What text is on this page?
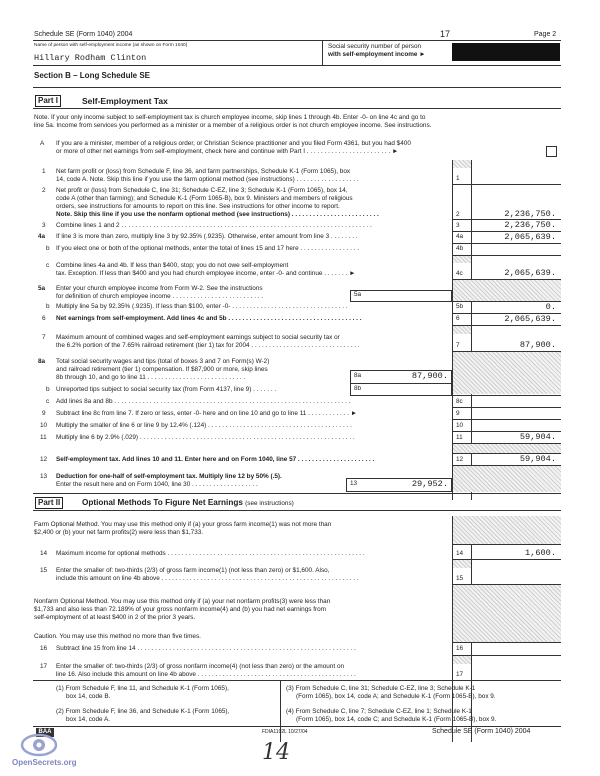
Schedule SE (Form 1040) 2004	17	Page 2
Name of person with self-employment income (as shown on Form 1040)
Hillary Rodham Clinton
Social security number of person
with self-employment income ►
Section B – Long Schedule SE
Part I	Self-Employment Tax
Note. If your only income subject to self-employment tax is church employee income, skip lines 1 through 4b. Enter -0- on line 4c and go to
line 5a. Income from services you performed as a minister or a member of a religious order is not church employee income. See instructions.
A If you are a minister, member of a religious order, or Christian Science practitioner and you filed Form 4361, but you had $400
or more of other net earnings from self-employment, check here and continue with Part I . . . . . . . . . . . . . . . . . . . . . . . . ►
1 Net farm profit or (loss) from Schedule F, line 36, and farm partnerships, Schedule K-1 (Form 1065), box
14, code A. Note. Skip this line if you use the farm optional method (see instructions) . . . . . . . . . . . . . . . . . .	1
2 Net profit or (loss) from Schedule C, line 31; Schedule C-EZ, line 3; Schedule K-1 (Form 1065), box 14,
code A (other than farming); and Schedule K-1 (Form 1065-B), box 9. Ministers and members of religious
orders, see instructions for amounts to report on this line. See instructions for other income to report.
Note. Skip this line if you use the nonfarm optional method (see instructions) . . . . . . . . . . . . . . . . . . . . . . . . .	2	2,236,750.
3 Combine lines 1 and 2 . . . . . . . . . . . . . . . . . . . . . . . . . . . . . . . . . . . . . . . . . . . . . . . . . . . . . . . . . . . . . . . . . . . . . . .	3	2,236,750.
4a If line 3 is more than zero, multiply line 3 by 92.35% (.9235). Otherwise, enter amount from line 3 . . . . . . . .	4a	2,065,639.
b If you elect one or both of the optional methods, enter the total of lines 15 and 17 here . . . . . . . . . . . . . . . . .	4b
c Combine lines 4a and 4b. If less than $400, stop; you do not owe self-employment
tax. Exception. If less than $400 and you had church employee income, enter -0- and continue . . . . . . . ►	4c	2,065,639.
5a Enter your church employee income from Form W-2. See the instructions
for definition of church employee income . . . . . . . . . . . . . . . . . . . . . . . . . .	5a
b Multiply line 5a by 92.35% (.9235). If less than $100, enter -0- . . . . . . . . . . . . . . . . . . . . . . . . . . . . . . . . .	5b	0.
6 Net earnings from self-employment. Add lines 4c and 5b . . . . . . . . . . . . . . . . . . . . . . . . . . . . . . . . . . . . . .	6	2,065,639.
7 Maximum amount of combined wages and self-employment earnings subject to social security tax or
the 6.2% portion of the 7.65% railroad retirement (tier 1) tax for 2004 . . . . . . . . . . . . . . . . . . . . . . . . . . . . . . .	7	87,900.
8a Total social security wages and tips (total of boxes 3 and 7 on Form(s) W-2)
and railroad retirement (tier 1) compensation. If $87,900 or more, skip lines
8b through 10, and go to line 11 . . . . . . . . . . . . . . . . . . . . . . . . . . . .	8a	87,900.
b Unreported tips subject to social security tax (from Form 4137, line 9) . . . . . . .	8b
c Add lines 8a and 8b . . . . . . . . . . . . . . . . . . . . . . . . . . . . . . . . . . . . . . . . . . . . . . . . . . . . . . . . . . . . . . . . . . .	8c
9 Subtract line 8c from line 7. If zero or less, enter -0- here and on line 10 and go to line 11 . . . . . . . . . . . . ►	9
10 Multiply the smaller of line 6 or line 9 by 12.4% (.124) . . . . . . . . . . . . . . . . . . . . . . . . . . . . . . . . . . . . . . . . .	10
11 Multiply line 6 by 2.9% (.029) . . . . . . . . . . . . . . . . . . . . . . . . . . . . . . . . . . . . . . . . . . . . . . . . . . . . . . . . . . . . .	11	59,904.
12 Self-employment tax. Add lines 10 and 11. Enter here and on Form 1040, line 57 . . . . . . . . . . . . . . . . . . . . . .	12	59,904.
13 Deduction for one-half of self-employment tax. Multiply line 12 by 50% (.5).
Enter the result here and on Form 1040, line 30 . . . . . . . . . . . . . . . . . . .	13	29,952.
Part II	Optional Methods To Figure Net Earnings (see instructions)
Farm Optional Method. You may use this method only if (a) your gross farm income(1) was not more than
$2,400 or (b) your net farm profits(2) were less than $1,733.
14 Maximum income for optional methods . . . . . . . . . . . . . . . . . . . . . . . . . . . . . . . . . . . . . . . . . . . . . . . . . . . . . . . .	14	1,600.
15 Enter the smaller of: two-thirds (2/3) of gross farm income(1) (not less than zero) or $1,600. Also,
include this amount on line 4b above . . . . . . . . . . . . . . . . . . . . . . . . . . . . . . . . . . . . . . . . . . . . . . . . . . . . . . . .	15
Nonfarm Optional Method. You may use this method only if (a) your net nonfarm profits(3) were less than
$1,733 and also less than 72.189% of your gross nonfarm income(4) and (b) you had net earnings from
self-employment of at least $400 in 2 of the prior 3 years.
Caution. You may use this method no more than five times.
16 Subtract line 15 from line 14 . . . . . . . . . . . . . . . . . . . . . . . . . . . . . . . . . . . . . . . . . . . . . . . . . . . . . . . . . . . . . .	16
17 Enter the smaller of: two-thirds (2/3) of gross nonfarm income(4) (not less than zero) or the amount on
line 16. Also include this amount on line 4b above . . . . . . . . . . . . . . . . . . . . . . . . . . . . . . . . . . . . . . . . . . . . .	17
(1) From Schedule F, line 11, and Schedule K-1 (Form 1065),
box 14, code B.
(2) From Schedule F, line 36, and Schedule K-1 (Form 1065),
box 14, code A.
(3) From Schedule C, line 31; Schedule C-EZ, line 3; Schedule K-1
(Form 1065), box 14, code A; and Schedule K-1 (Form 1065-B), box 9.
(4) From Schedule C, line 7; Schedule C-EZ, line 1; Schedule K-1
(Form 1065), box 14, code C; and Schedule K-1 (Form 1065-B), box 9.
BAA	FDIA1102L 10/27/04	Schedule SE (Form 1040) 2004
14
OpenSecrets.org
